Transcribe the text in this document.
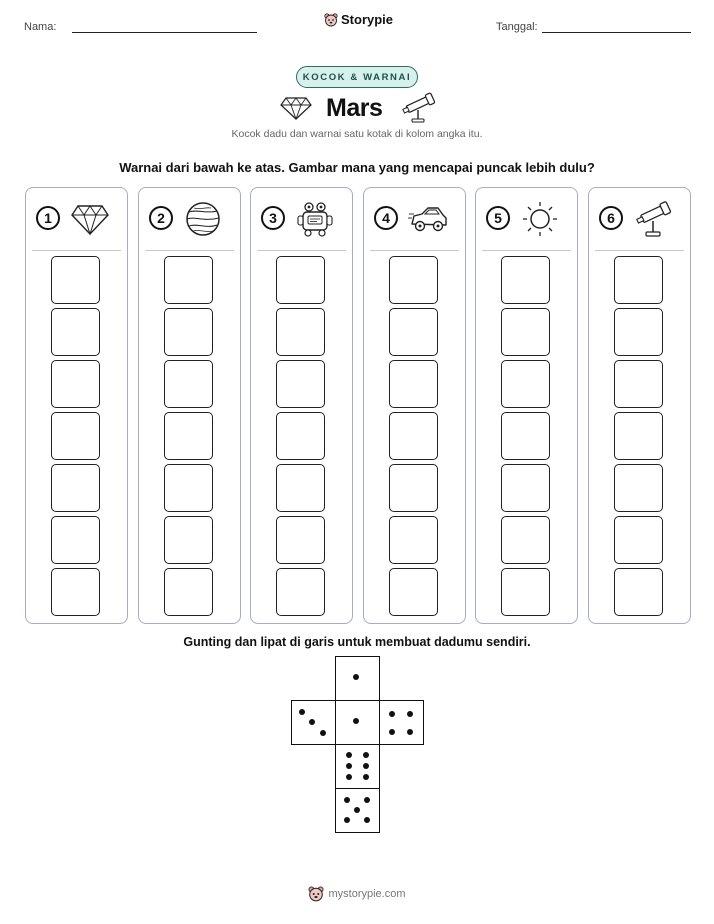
Nama:	Storypie	Tanggal:
KOCOK & WARNAI
Mars
Kocok dadu dan warnai satu kotak di kolom angka itu.
Warnai dari bawah ke atas. Gambar mana yang mencapai puncak lebih dulu?
1	2	3	4	5	6
Gunting dan lipat di garis untuk membuat dadumu sendiri.
mystorypie.com
